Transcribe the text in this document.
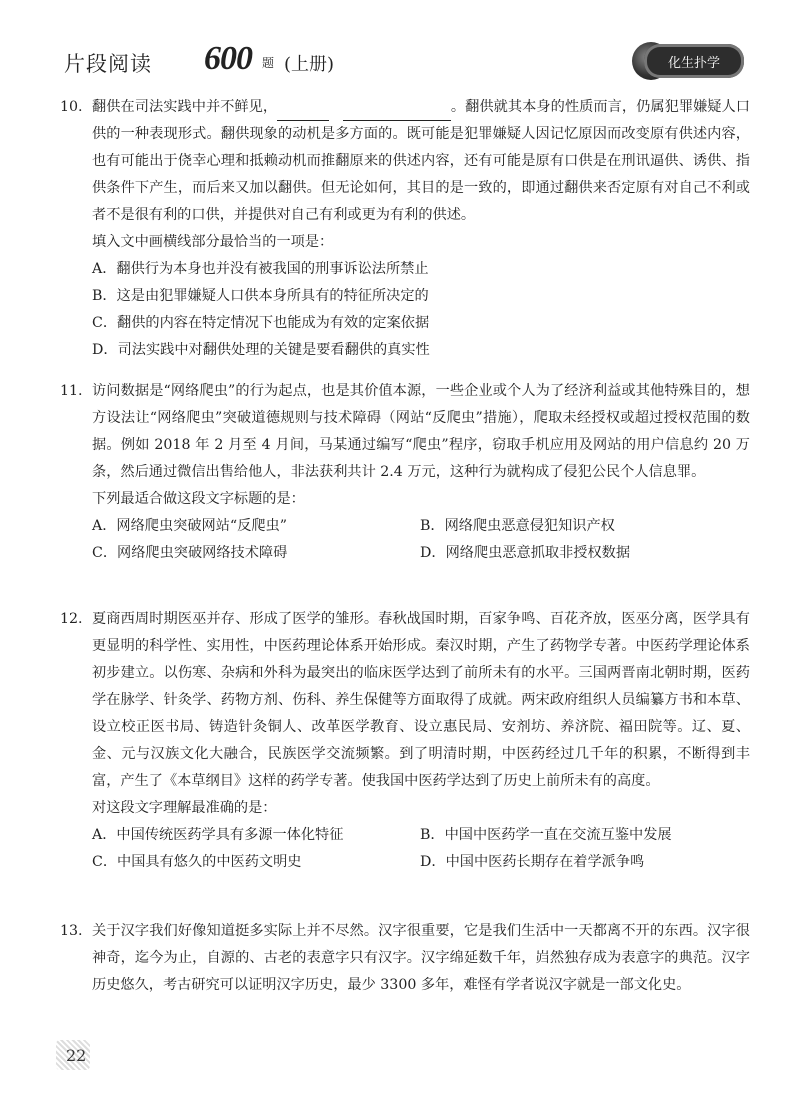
片段阅读 600 题 (上册)	化生扑学
10. 翻供在司法实践中并不鲜见，	。翻供就其本身的性质而言，仍属犯罪嫌疑人口供的一种表现形式。翻供现象的动机是多方面的。既可能是犯罪嫌疑人因记忆原因而改变原有供述内容，也有可能出于侥幸心理和抵赖动机而推翻原来的供述内容，还有可能是原有口供是在刑讯逼供、诱供、指供条件下产生，而后来又加以翻供。但无论如何，其目的是一致的，即通过翻供来否定原有对自己不利或者不是很有利的口供，并提供对自己有利或更为有利的供述。
填入文中画横线部分最恰当的一项是：
A．翻供行为本身也并没有被我国的刑事诉讼法所禁止
B．这是由犯罪嫌疑人口供本身所具有的特征所决定的
C．翻供的内容在特定情况下也能成为有效的定案依据
D．司法实践中对翻供处理的关键是要看翻供的真实性
11. 访问数据是“网络爬虫”的行为起点，也是其价值本源，一些企业或个人为了经济利益或其他特殊目的，想方设法让“网络爬虫”突破道德规则与技术障碍（网站“反爬虫”措施），爬取未经授权或超过授权范围的数据。例如 2018 年 2 月至 4 月间，马某通过编写“爬虫”程序，窃取手机应用及网站的用户信息约 20 万条，然后通过微信出售给他人，非法获利共计 2.4 万元，这种行为就构成了侵犯公民个人信息罪。
下列最适合做这段文字标题的是：
A．网络爬虫突破网站“反爬虫”	B．网络爬虫恶意侵犯知识产权
C．网络爬虫突破网络技术障碍	D．网络爬虫恶意抓取非授权数据
12. 夏商西周时期医巫并存、形成了医学的雏形。春秋战国时期，百家争鸣、百花齐放，医巫分离，医学具有更显明的科学性、实用性，中医药理论体系开始形成。秦汉时期，产生了药物学专著。中医药学理论体系初步建立。以伤寒、杂病和外科为最突出的临床医学达到了前所未有的水平。三国两晋南北朝时期，医药学在脉学、针灸学、药物方剂、伤科、养生保健等方面取得了成就。两宋政府组织人员编纂方书和本草、设立校正医书局、铸造针灸铜人、改革医学教育、设立惠民局、安剂坊、养济院、福田院等。辽、夏、金、元与汉族文化大融合，民族医学交流频繁。到了明清时期，中医药经过几千年的积累，不断得到丰富，产生了《本草纲目》这样的药学专著。使我国中医药学达到了历史上前所未有的高度。
对这段文字理解最准确的是：
A．中国传统医药学具有多源一体化特征	B．中国中医药学一直在交流互鉴中发展
C．中国具有悠久的中医药文明史	D．中国中医药长期存在着学派争鸣
13. 关于汉字我们好像知道挺多实际上并不尽然。汉字很重要，它是我们生活中一天都离不开的东西。汉字很神奇，迄今为止，自源的、古老的表意字只有汉字。汉字绵延数千年，岿然独存成为表意字的典范。汉字历史悠久，考古研究可以证明汉字历史，最少 3300 多年，难怪有学者说汉字就是一部文化史。
22
